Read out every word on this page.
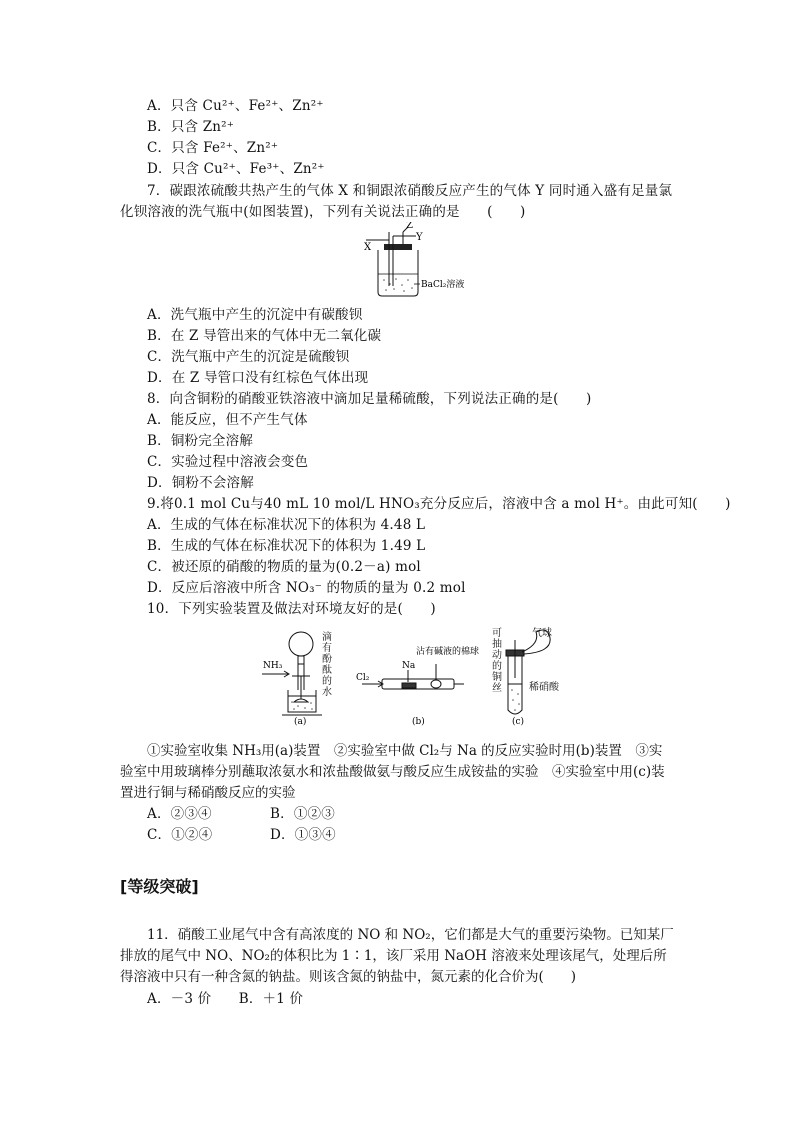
A．只含 Cu²⁺、Fe²⁺、Zn²⁺
B．只含 Zn²⁺
C．只含 Fe²⁺、Zn²⁺
D．只含 Cu²⁺、Fe³⁺、Zn²⁺
7．碳跟浓硫酸共热产生的气体 X 和铜跟浓硝酸反应产生的气体 Y 同时通入盛有足量氯
化钡溶液的洗气瓶中(如图装置)，下列有关说法正确的是　　(　　)
X
Y
Z
BaCl₂溶液
A．洗气瓶中产生的沉淀中有碳酸钡
B．在 Z 导管出来的气体中无二氧化碳
C．洗气瓶中产生的沉淀是硫酸钡
D．在 Z 导管口没有红棕色气体出现
8．向含铜粉的硝酸亚铁溶液中滴加足量稀硫酸，下列说法正确的是(　　)
A．能反应，但不产生气体
B．铜粉完全溶解
C．实验过程中溶液会变色
D．铜粉不会溶解
9.将0.1 mol Cu与40 mL 10 mol/L HNO₃充分反应后，溶液中含 a mol H⁺。由此可知(　　)
A．生成的气体在标准状况下的体积为 4.48 L
B．生成的气体在标准状况下的体积为 1.49 L
C．被还原的硝酸的物质的量为(0.2－a) mol
D．反应后溶液中所含 NO₃⁻ 的物质的量为 0.2 mol
10．下列实验装置及做法对环境友好的是(　　)
NH₃
(a)
Cl₂
Na
沾有碱液的棉球
(b)	(c)
滴有酚酞的水
可抽动的铜丝
气球
稀硝酸
①实验室收集 NH₃用(a)装置　②实验室中做 Cl₂与 Na 的反应实验时用(b)装置　③实验室中用玻璃棒分别蘸取浓氨水和浓盐酸做氨与酸反应生成铵盐的实验　④实验室中用(c)装置进行铜与稀硝酸反应的实验
A．②③④	B．①②③
C．①②④	D．①③④
[等级突破]
11．硝酸工业尾气中含有高浓度的 NO 和 NO₂，它们都是大气的重要污染物。已知某厂排放的尾气中 NO、NO₂的体积比为 1∶1，该厂采用 NaOH 溶液来处理该尾气，处理后所得溶液中只有一种含氮的钠盐。则该含氮的钠盐中，氮元素的化合价为(　　)
A．－3 价　　B．＋1 价
